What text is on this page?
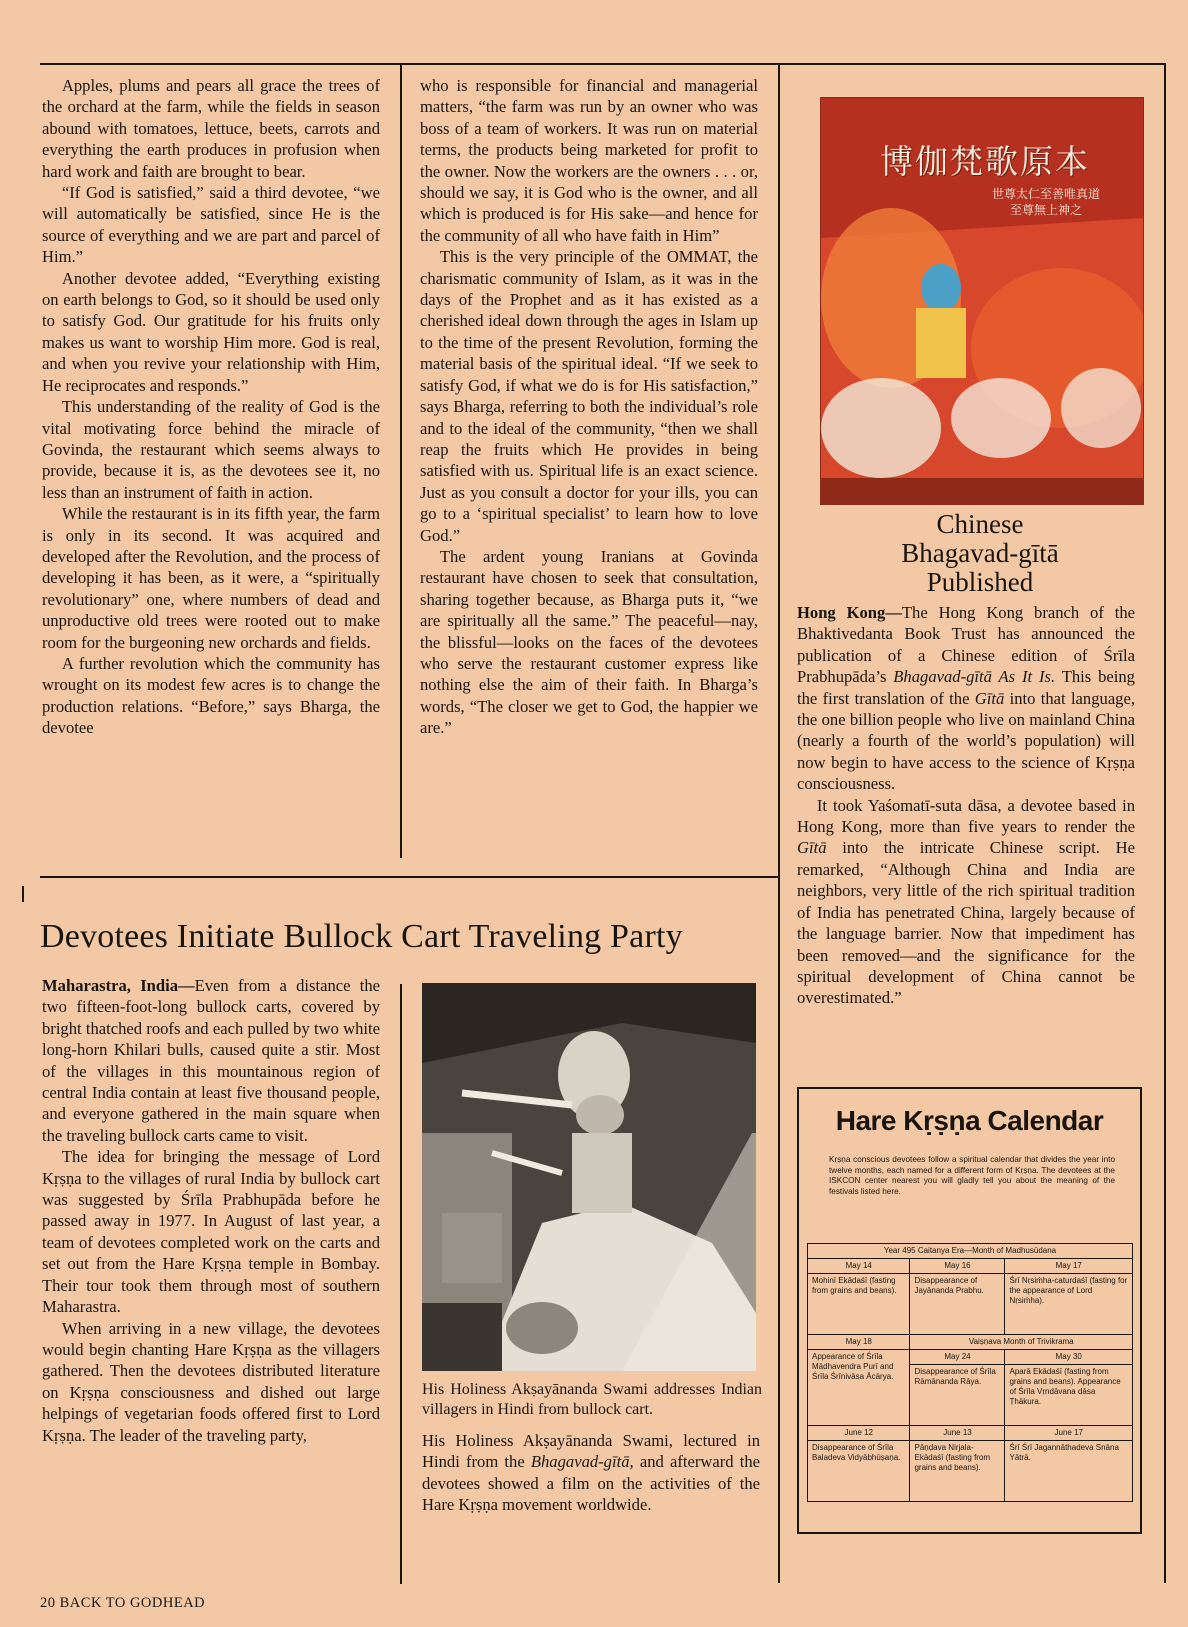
Apples, plums and pears all grace the trees of the orchard at the farm, while the fields in season abound with tomatoes, lettuce, beets, carrots and everything the earth produces in profusion when hard work and faith are brought to bear.

“If God is satisfied,” said a third devotee, “we will automatically be satisfied, since He is the source of everything and we are part and parcel of Him.”

Another devotee added, “Everything existing on earth belongs to God, so it should be used only to satisfy God. Our gratitude for his fruits only makes us want to worship Him more. God is real, and when you revive your relationship with Him, He reciprocates and responds.”

This understanding of the reality of God is the vital motivating force behind the miracle of Govinda, the restaurant which seems always to provide, because it is, as the devotees see it, no less than an instrument of faith in action.

While the restaurant is in its fifth year, the farm is only in its second. It was acquired and developed after the Revolution, and the process of developing it has been, as it were, a “spiritually revolutionary” one, where numbers of dead and unproductive old trees were rooted out to make room for the burgeoning new orchards and fields.

A further revolution which the community has wrought on its modest few acres is to change the production relations. “Before,” says Bharga, the devotee

who is responsible for financial and managerial matters, “the farm was run by an owner who was boss of a team of workers. It was run on material terms, the products being marketed for profit to the owner. Now the workers are the owners . . . or, should we say, it is God who is the owner, and all which is produced is for His sake—and hence for the community of all who have faith in Him”

This is the very principle of the OMMAT, the charismatic community of Islam, as it was in the days of the Prophet and as it has existed as a cherished ideal down through the ages in Islam up to the time of the present Revolution, forming the material basis of the spiritual ideal. “If we seek to satisfy God, if what we do is for His satisfaction,” says Bharga, referring to both the individual’s role and to the ideal of the community, “then we shall reap the fruits which He provides in being satisfied with us. Spiritual life is an exact science. Just as you consult a doctor for your ills, you can go to a ‘spiritual specialist’ to learn how to love God.”

The ardent young Iranians at Govinda restaurant have chosen to seek that consultation, sharing together because, as Bharga puts it, “we are spiritually all the same.” The peaceful—nay, the blissful—looks on the faces of the devotees who serve the restaurant customer express like nothing else the aim of their faith. In Bharga’s words, “The closer we get to God, the happier we are.”

Devotees Initiate Bullock Cart Traveling Party

Maharastra, India—Even from a distance the two fifteen-foot-long bullock carts, covered by bright thatched roofs and each pulled by two white long-horn Khilari bulls, caused quite a stir. Most of the villages in this mountainous region of central India contain at least five thousand people, and everyone gathered in the main square when the traveling bullock carts came to visit.

The idea for bringing the message of Lord Kṛṣṇa to the villages of rural India by bullock cart was suggested by Śrīla Prabhupāda before he passed away in 1977. In August of last year, a team of devotees completed work on the carts and set out from the Hare Kṛṣṇa temple in Bombay. Their tour took them through most of southern Maharastra.

When arriving in a new village, the devotees would begin chanting Hare Kṛṣṇa as the villagers gathered. Then the devotees distributed literature on Kṛṣṇa consciousness and dished out large helpings of vegetarian foods offered first to Lord Kṛṣṇa. The leader of the traveling party,

His Holiness Akṣayānanda Swami addresses Indian villagers in Hindi from bullock cart.

His Holiness Akṣayānanda Swami, lectured in Hindi from the Bhagavad-gītā, and afterward the devotees showed a film on the activities of the Hare Kṛṣṇa movement worldwide.

博伽梵歌原本
世尊太仁至善唯真道
至尊無上神之
Chinese
Bhagavad-gītā
Published

Hong Kong—The Hong Kong branch of the Bhaktivedanta Book Trust has announced the publication of a Chinese edition of Śrīla Prabhupāda’s Bhagavad-gītā As It Is. This being the first translation of the Gītā into that language, the one billion people who live on mainland China (nearly a fourth of the world’s population) will now begin to have access to the science of Kṛṣṇa consciousness.

It took Yaśomatī-suta dāsa, a devotee based in Hong Kong, more than five years to render the Gītā into the intricate Chinese script. He remarked, “Although China and India are neighbors, very little of the rich spiritual tradition of India has penetrated China, largely because of the language barrier. Now that impediment has been removed—and the significance for the spiritual development of China cannot be overestimated.”

Hare Kṛṣṇa Calendar
Kṛṣṇa conscious devotees follow a spiritual calendar that divides the year into twelve months, each named for a different form of Kṛṣṇa. The devotees at the ISKCON center nearest you will gladly tell you about the meaning of the festivals listed here.
Year 495 Caitanya Era—Month of Madhusūdana		
May 14	May 16	May 17
Mohinī Ekādaśī (fasting from grains and beans).	Disappearance of Jayānanda Prabhu.	Śrī Nṛsiṁha-caturdaśī (fasting for the appearance of Lord Nṛsiṁha).
May 18	Vaiṣṇava Month of Trivikrama	
Appearance of Śrīla Mādhavendra Purī and Śrīla Śrīnivāsa Ācārya.	May 24	May 30
	Disappearance of Śrīla Rāmānanda Rāya.	Aparā Ekādaśī (fasting from grains and beans). Appearance of Śrīla Vṛndāvana dāsa Ṭhākura.
June 12	June 13	June 17
Disappearance of Śrīla Baladeva Vidyābhūṣaṇa.	Pāṇḍava Nirjala-Ekādaśī (fasting from grains and beans).	Śrī Śrī Jagannāthadeva Snāna Yātrā.
20 BACK TO GODHEAD
